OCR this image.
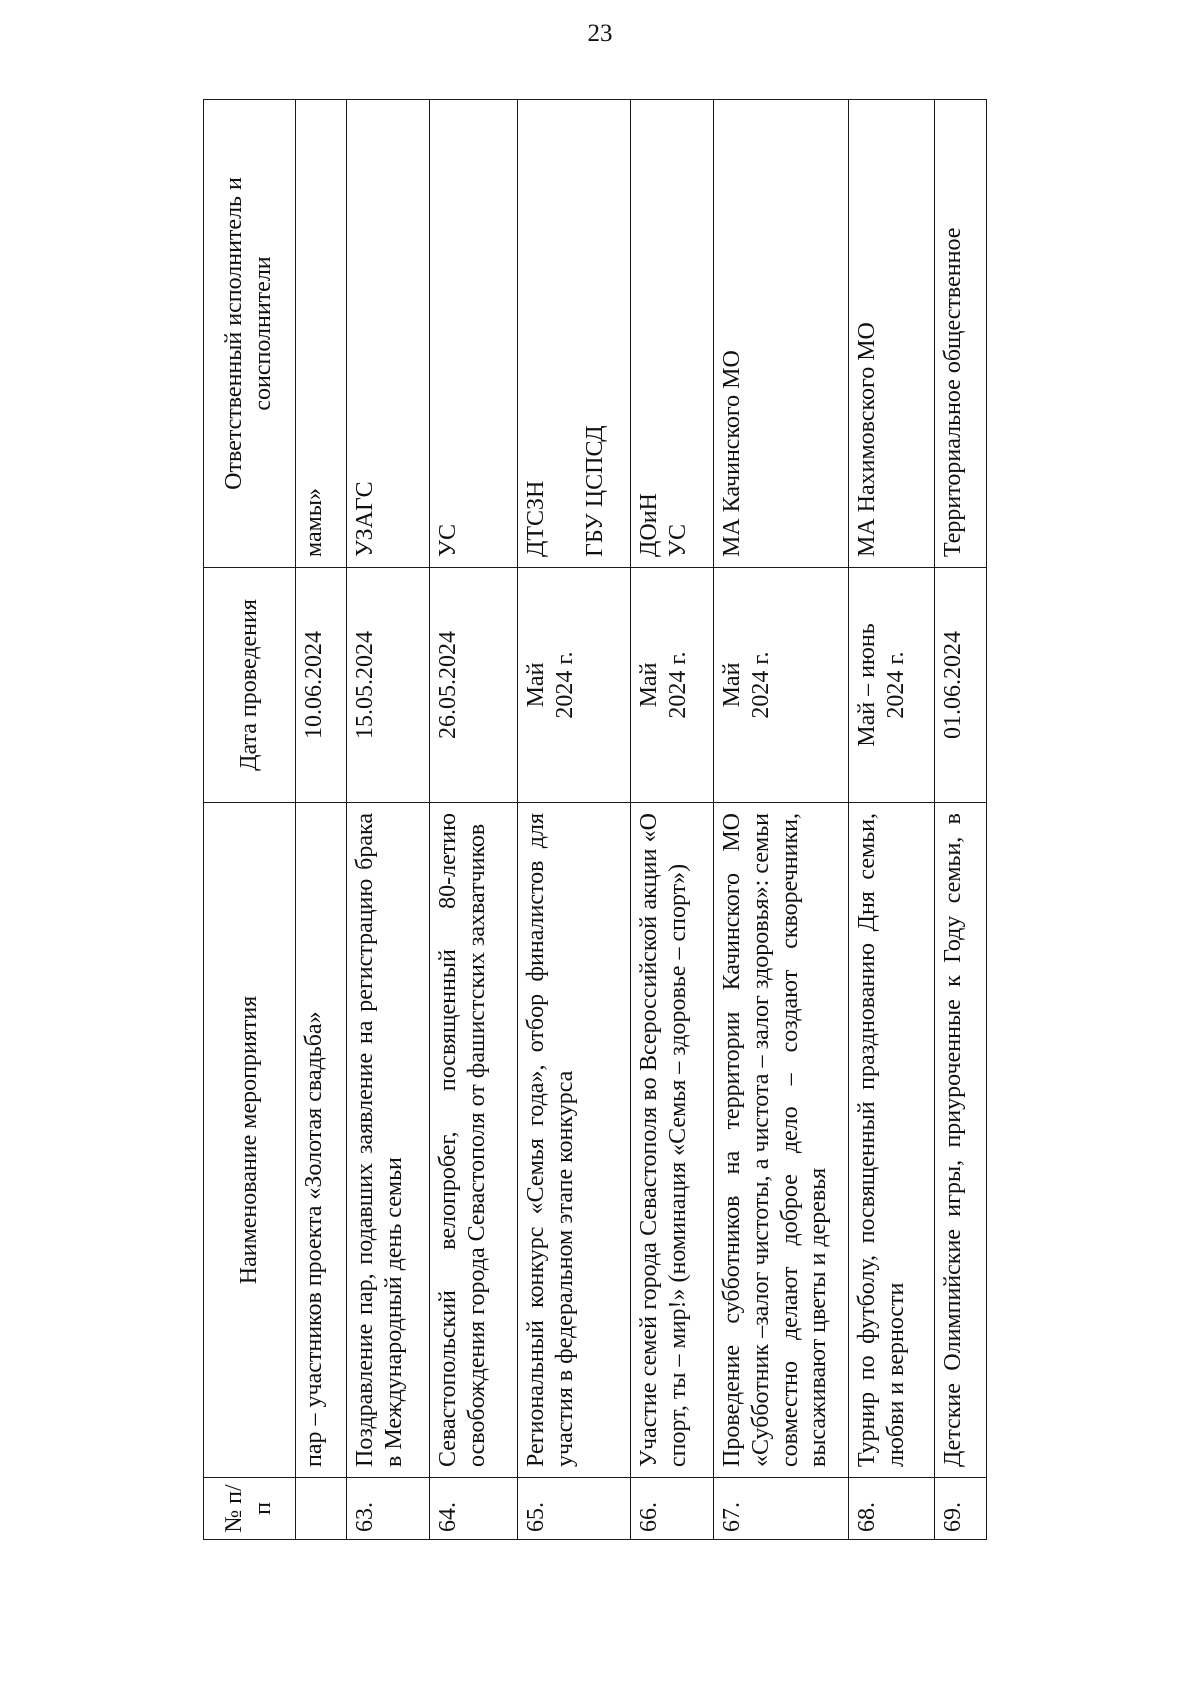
23
№ п/п	Наименование мероприятия	Дата проведения	Ответственный исполнитель и соисполнители
	пар – участников проекта «Золотая свадьба»	10.06.2024	мамы»

63.	Поздравление пар, подавших заявление на регистрацию брака в Международный день семьи	15.05.2024	УЗАГС

64.	Севастопольский велопробег, посвященный 80-летию освобождения города Севастополя от фашистских захватчиков	26.05.2024	УС

65.	Региональный конкурс «Семья года», отбор финалистов для участия в федеральном этапе конкурса	Май 2024 г.	ДТСЗН ГБУ ЦСПСД

66.	Участие семей города Севастополя во Всероссийской акции «О спорт, ты – мир!» (номинация «Семья – здоровье – спорт»)	Май 2024 г.	ДОиН УС

67.	Проведение субботников на территории Качинского МО «Субботник –залог чистоты, а чистота – залог здоровья»: семьи совместно делают доброе дело – создают скворечники, высаживают цветы и деревья	Май 2024 г.	МА Качинского МО

68.	Турнир по футболу, посвященный празднованию Дня семьи, любви и верности	Май – июнь 2024 г.	МА Нахимовского МО

69.	Детские Олимпийские игры, приуроченные к Году семьи, в	01.06.2024	Территориальное общественное
